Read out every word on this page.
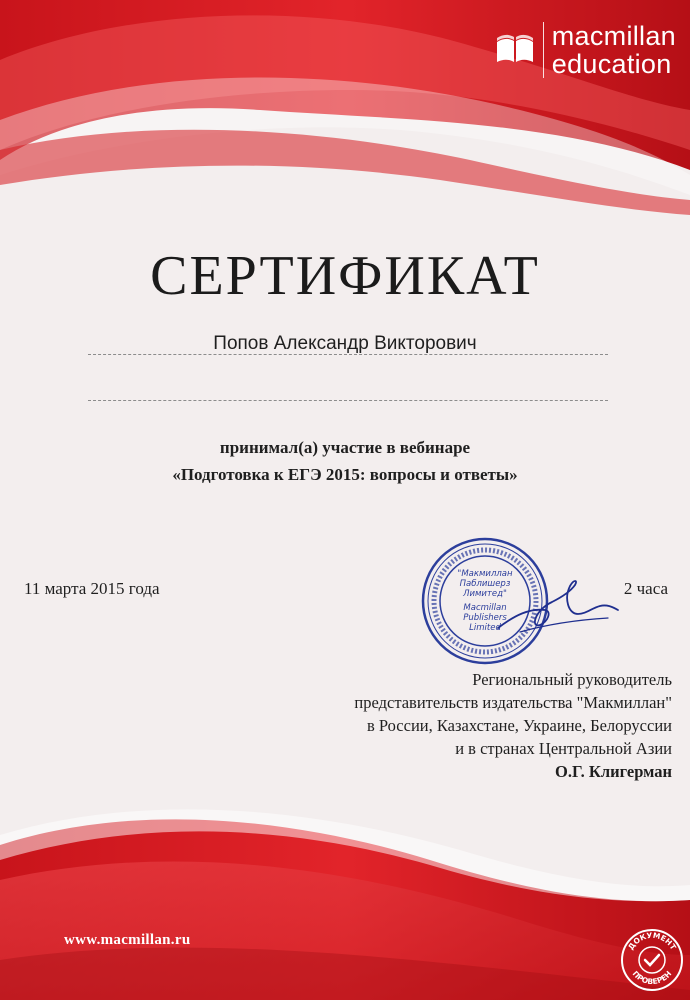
macmillan
education
СЕРТИФИКАТ
Попов Александр Викторович
принимал(а) участие в вебинаре
«Подготовка к ЕГЭ 2015: вопросы и ответы»
11 марта 2015 года	2 часа
"Макмиллан
Паблишерз
Лимитед"
Macmillan
Publishers
Limited
Региональный руководитель
представительств издательства "Макмиллан"
в России, Казахстане, Украине, Белоруссии
и в странах Центральной Азии
О.Г. Клигерман
www.macmillan.ru	ДОКУМЕНТ
ПРОВЕРЕН
